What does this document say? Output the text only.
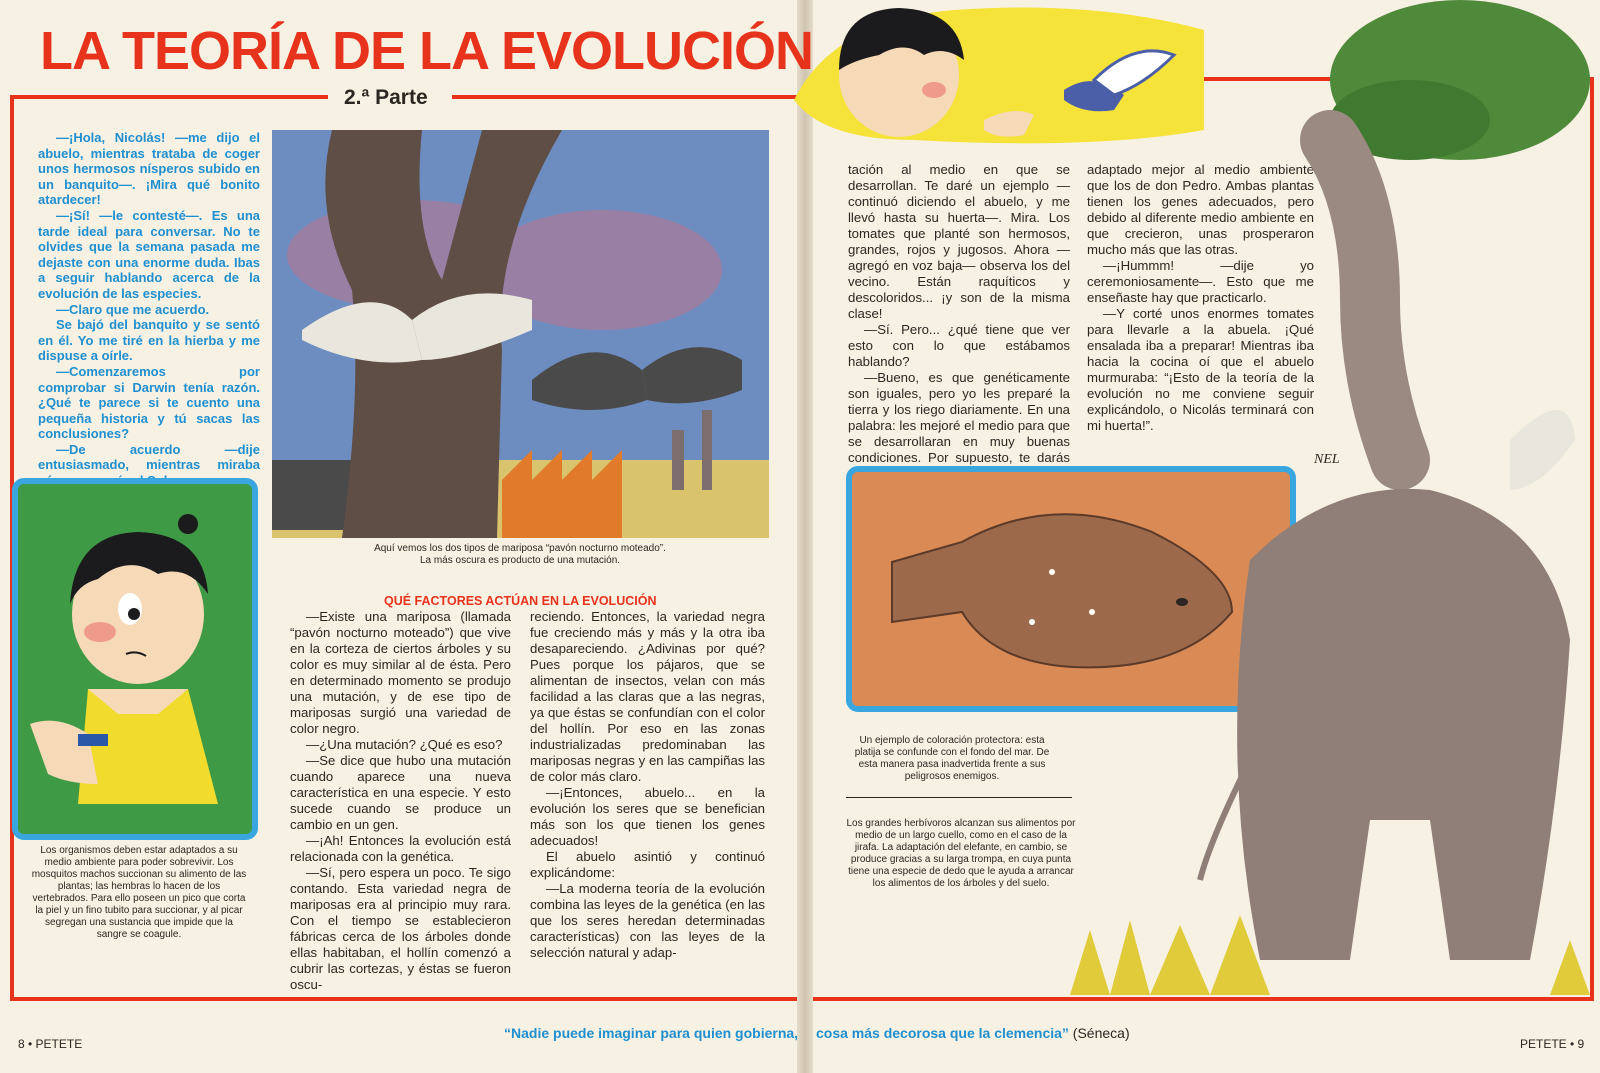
LA TEORÍA DE LA EVOLUCIÓN
2.ª Parte

—¡Hola, Nicolás! —me dijo el abuelo, mientras trataba de coger unos hermosos nísperos subido en un banquito—. ¡Mira qué bonito atardecer!

—¡Sí! —le contesté—. Es una tarde ideal para conversar. No te olvides que la semana pasada me dejaste con una enorme duda. Ibas a seguir hablando acerca de la evolución de las especies.

—Claro que me acuerdo.

Se bajó del banquito y se sentó en él. Yo me tiré en la hierba y me dispuse a oírle.

—Comenzaremos por comprobar si Darwin tenía razón. ¿Qué te parece si te cuento una pequeña historia y tú sacas las conclusiones?

—De acuerdo —dije entusiasmado, mientras miraba

Los organismos deben estar adaptados a su medio ambiente para poder sobrevivir. Los mosquitos machos succionan su alimento de las plantas; las hembras lo hacen de los vertebrados. Para ello poseen un pico que corta la piel y un fino tubito para succionar, y al picar segregan una sustancia que impide que la sangre se coagule.
Aquí vemos los dos tipos de mariposa “pavón nocturno moteado”.
La más oscura es producto de una mutación.
QUÉ FACTORES ACTÚAN EN LA EVOLUCIÓN

—Existe una mariposa (llamada “pavón nocturno moteado”) que vive en la corteza de ciertos árboles y su color es muy similar al de ésta. Pero en determinado momento se produjo una mutación, y de ese tipo de mariposas surgió una variedad de color negro.

—¿Una mutación? ¿Qué es eso?

—Se dice que hubo una mutación cuando aparece una nueva característica en una especie. Y esto sucede cuando se produce un cambio en un gen.

—¡Ah! Entonces la evolución está relacionada con la genética.

—Sí, pero espera un poco. Te sigo contando. Esta variedad negra de mariposas era al principio muy rara. Con el tiempo se establecieron fábricas cerca de los árboles donde ellas habitaban, el hollín comenzó a cubrir las cortezas, y éstas se fueron oscu-

reciendo. Entonces, la variedad negra fue creciendo más y más y la otra iba desapareciendo. ¿Adivinas por qué? Pues porque los pájaros, que se alimentan de insectos, velan con más facilidad a las claras que a las negras, ya que éstas se confundían con el color del hollín. Por eso en las zonas industrializadas predominaban las mariposas negras y en las campiñas las de color más claro.

—¡Entonces, abuelo... en la evolución los seres que se benefician más son los que tienen los genes adecuados!

El abuelo asintió y continuó explicándome:

—La moderna teoría de la evolución combina las leyes de la genética (en las que los seres heredan determinadas características) con las leyes de la selección natural y adap-

tación al medio en que se desarrollan. Te daré un ejemplo —continuó diciendo el abuelo, y me llevó hasta su huerta—. Mira. Los tomates que planté son hermosos, grandes, rojos y jugosos. Ahora —agregó en voz baja— observa los del vecino. Están raquíticos y descoloridos... ¡y son de la misma clase!

—Sí. Pero... ¿qué tiene que ver esto con lo que estábamos hablando?

—Bueno, es que genéticamente son iguales, pero yo les preparé la tierra y los riego diariamente. En una palabra: les mejoré el medio para que se desarrollaran en muy buenas condiciones. Por supuesto, te darás

adaptado mejor al medio ambiente que los de don Pedro. Ambas plantas tienen los genes adecuados, pero debido al diferente medio ambiente en que crecieron, unas prosperaron mucho más que las otras.

—¡Hummm! —dije yo ceremoniosamente—. Esto que me enseñaste hay que practicarlo.

—Y corté unos enormes tomates para llevarle a la abuela. ¡Qué ensalada iba a preparar! Mientras iba hacia la cocina oí que el abuelo murmuraba: “¡Esto de la teoría de la evolución no me conviene seguir explicándolo, o Nicolás terminará con mi huerta!”.

Un ejemplo de coloración protectora: esta platija se confunde con el fondo del mar. De esta manera pasa inadvertida frente a sus peligrosos enemigos.
Los grandes herbívoros alcanzan sus alimentos por medio de un largo cuello, como en el caso de la jirafa. La adaptación del elefante, en cambio, se produce gracias a su larga trompa, en cuya punta tiene una especie de dedo que le ayuda a arrancar los alimentos de los árboles y del suelo.
NEL
8 • PETETE	PETETE • 9
“Nadie puede imaginar para quien gobierna, cosa más decorosa que la clemencia” (Séneca)
